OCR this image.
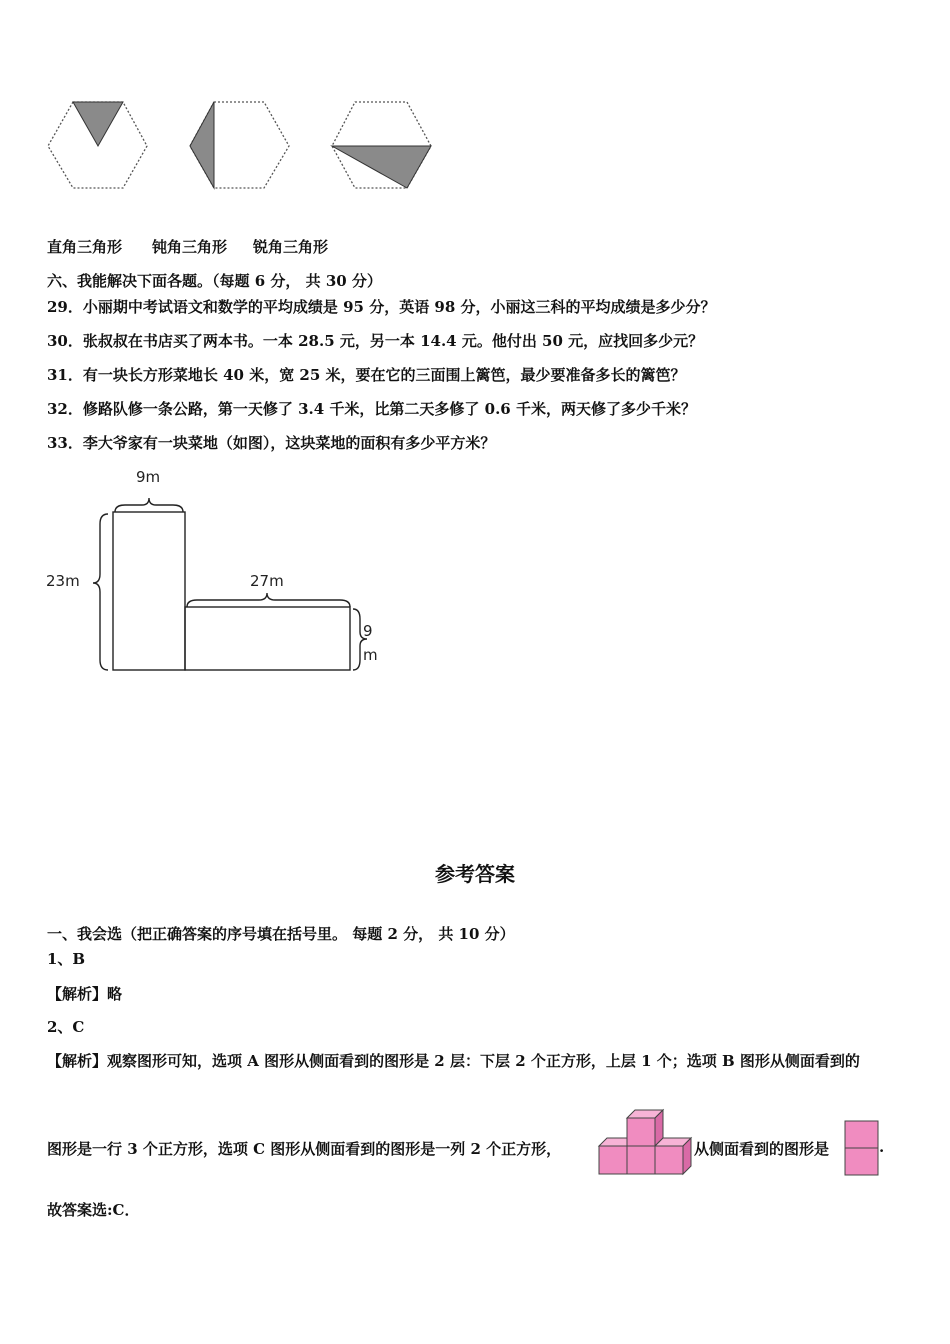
直角三角形 钝角三角形 锐角三角形
六、我能解决下面各题。（每题 6 分， 共 30 分）
29．小丽期中考试语文和数学的平均成绩是 95 分，英语 98 分，小丽这三科的平均成绩是多少分？
30．张叔叔在书店买了两本书。一本 28.5 元，另一本 14.4 元。他付出 50 元，应找回多少元？
31．有一块长方形菜地长 40 米，宽 25 米，要在它的三面围上篱笆，最少要准备多长的篱笆？
32．修路队修一条公路，第一天修了 3.4 千米，比第二天多修了 0.6 千米，两天修了多少千米？
33．李大爷家有一块菜地（如图），这块菜地的面积有多少平方米？
9m
23m	27m
9
m
参考答案
一、我会选（把正确答案的序号填在括号里。 每题 2 分， 共 10 分）
1、B
【解析】略
2、C
【解析】观察图形可知，选项 A 图形从侧面看到的图形是 2 层：下层 2 个正方形，上层 1 个；选项 B 图形从侧面看到的
图形是一行 3 个正方形，选项 C 图形从侧面看到的图形是一列 2 个正方形，	从侧面看到的图形是	.
故答案选:C．
